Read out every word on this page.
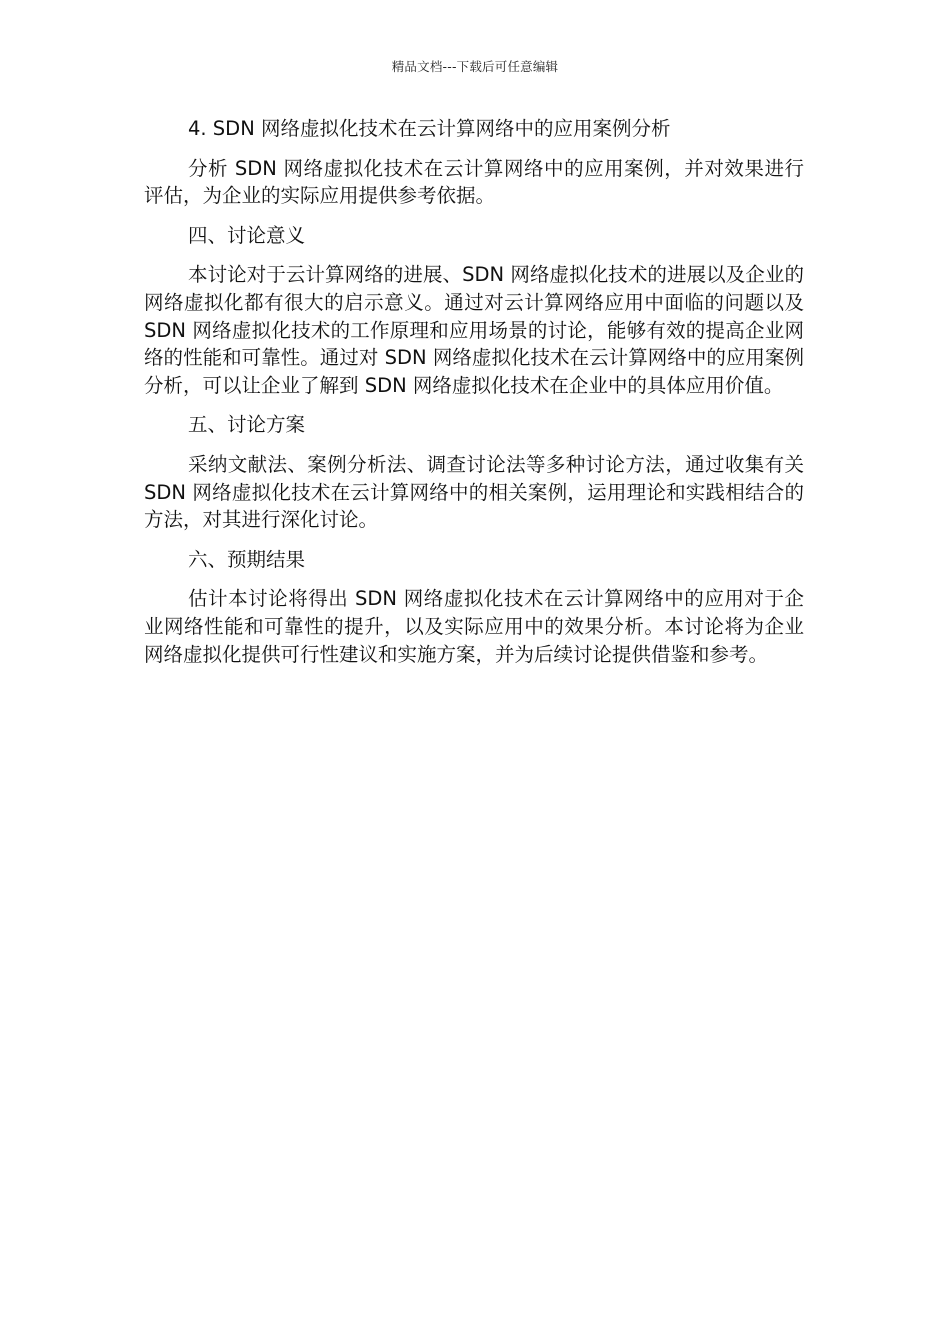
精品文档---下载后可任意编辑

4. SDN 网络虚拟化技术在云计算网络中的应用案例分析

分析 SDN 网络虚拟化技术在云计算网络中的应用案例，并对效果进行评估，为企业的实际应用提供参考依据。

四、讨论意义

本讨论对于云计算网络的进展、SDN 网络虚拟化技术的进展以及企业的网络虚拟化都有很大的启示意义。通过对云计算网络应用中面临的问题以及 SDN 网络虚拟化技术的工作原理和应用场景的讨论，能够有效的提高企业网络的性能和可靠性。通过对 SDN 网络虚拟化技术在云计算网络中的应用案例分析，可以让企业了解到 SDN 网络虚拟化技术在企业中的具体应用价值。

五、讨论方案

采纳文献法、案例分析法、调查讨论法等多种讨论方法，通过收集有关 SDN 网络虚拟化技术在云计算网络中的相关案例，运用理论和实践相结合的方法，对其进行深化讨论。

六、预期结果

估计本讨论将得出 SDN 网络虚拟化技术在云计算网络中的应用对于企业网络性能和可靠性的提升，以及实际应用中的效果分析。本讨论将为企业网络虚拟化提供可行性建议和实施方案，并为后续讨论提供借鉴和参考。
